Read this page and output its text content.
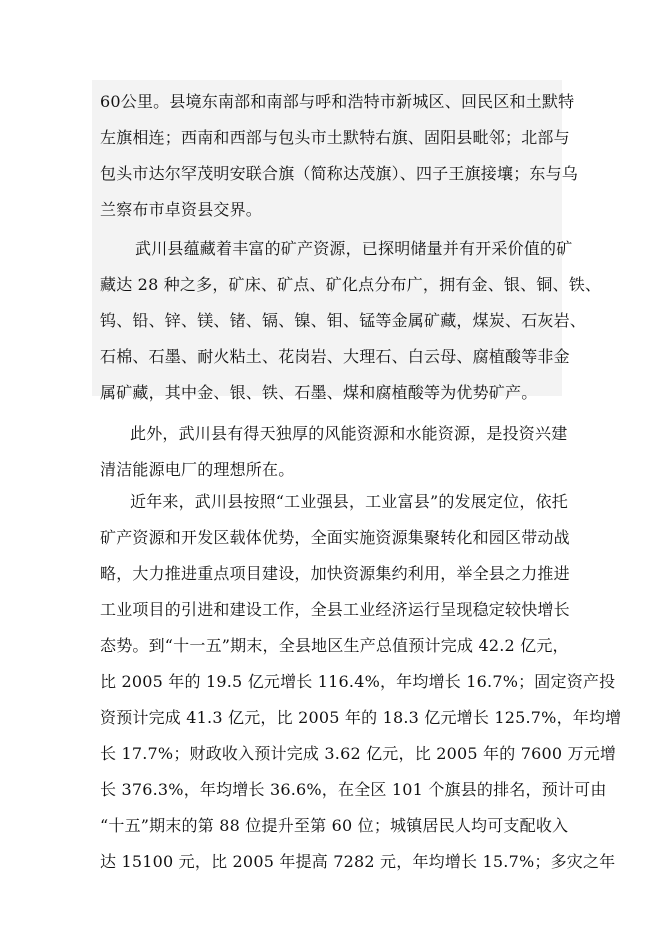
60公里。县境东南部和南部与呼和浩特市新城区、回民区和土默特
左旗相连；西南和西部与包头市土默特右旗、固阳县毗邻；北部与
包头市达尔罕茂明安联合旗（简称达茂旗）、四子王旗接壤；东与乌
兰察布市卓资县交界。
武川县蕴藏着丰富的矿产资源，已探明储量并有开采价值的矿
藏达 28 种之多，矿床、矿点、矿化点分布广，拥有金、银、铜、铁、
钨、铅、锌、镁、锗、镉、镍、钼、锰等金属矿藏，煤炭、石灰岩、
石棉、石墨、耐火粘土、花岗岩、大理石、白云母、腐植酸等非金
属矿藏，其中金、银、铁、石墨、煤和腐植酸等为优势矿产。
此外，武川县有得天独厚的风能资源和水能资源，是投资兴建
清洁能源电厂的理想所在。
近年来，武川县按照“工业强县，工业富县”的发展定位，依托
矿产资源和开发区载体优势，全面实施资源集聚转化和园区带动战
略，大力推进重点项目建设，加快资源集约利用，举全县之力推进
工业项目的引进和建设工作，全县工业经济运行呈现稳定较快增长
态势。到“十一五”期末，全县地区生产总值预计完成 42.2 亿元，
比 2005 年的 19.5 亿元增长 116.4%，年均增长 16.7%；固定资产投
资预计完成 41.3 亿元，比 2005 年的 18.3 亿元增长 125.7%，年均增
长 17.7%；财政收入预计完成 3.62 亿元，比 2005 年的 7600 万元增
长 376.3%，年均增长 36.6%，在全区 101 个旗县的排名，预计可由
“十五”期末的第 88 位提升至第 60 位；城镇居民人均可支配收入
达 15100 元，比 2005 年提高 7282 元，年均增长 15.7%；多灾之年
